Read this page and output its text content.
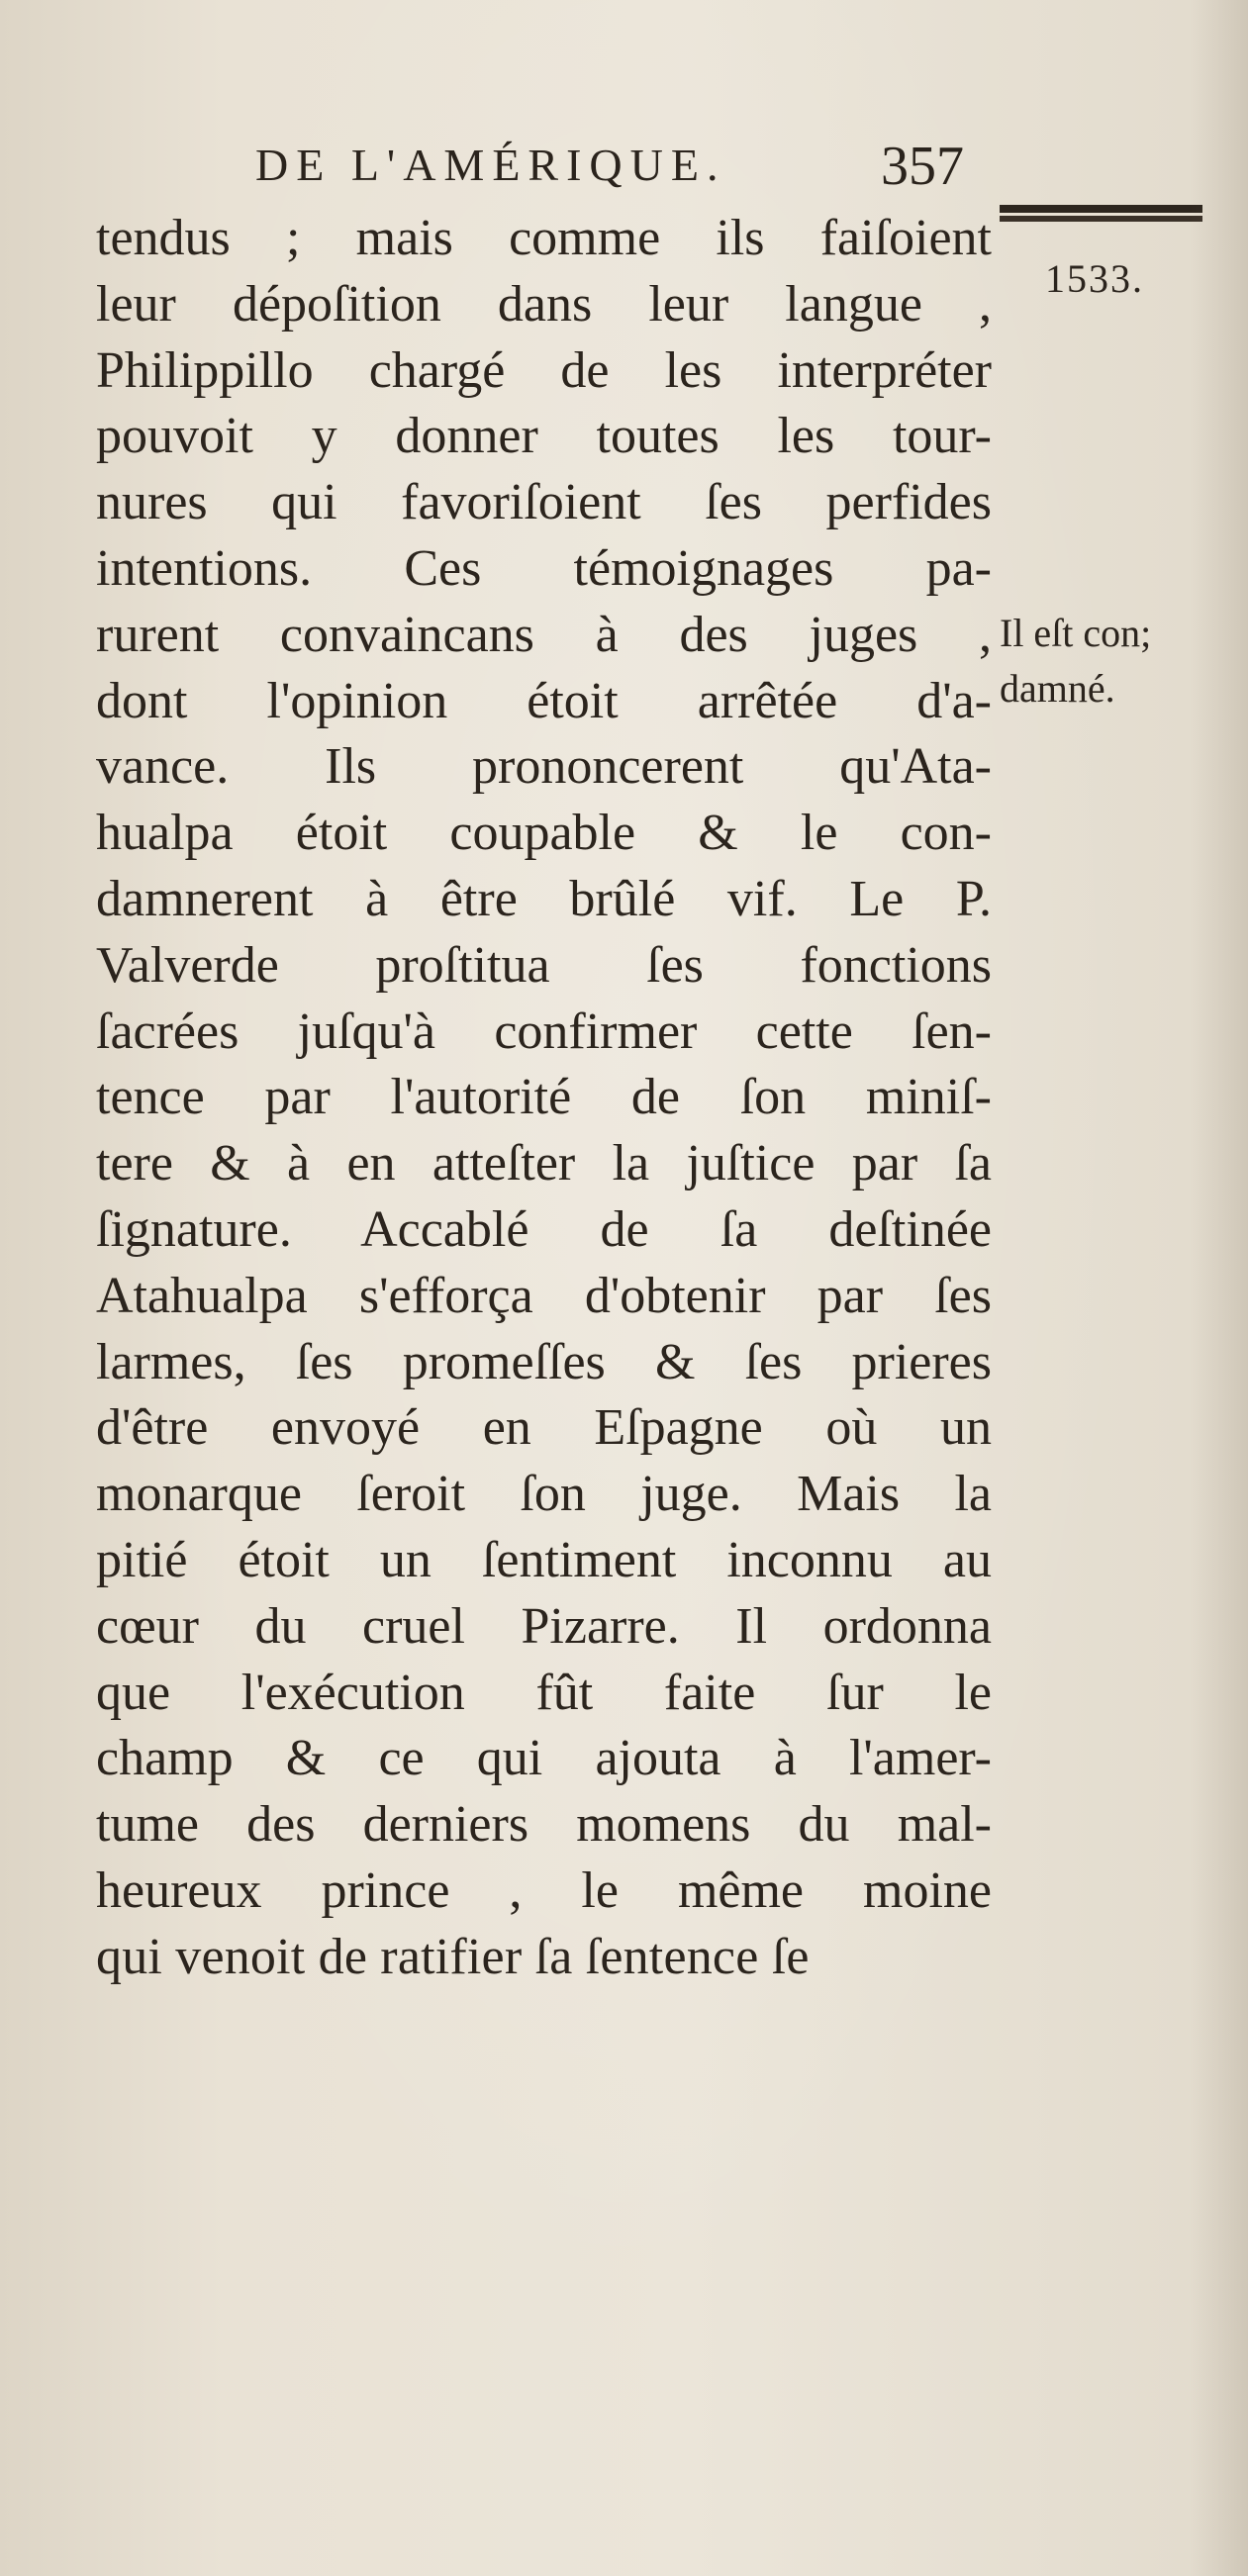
DE L'AMÉRIQUE.	357
1533.
Il eſt con;
damné.
tendus ; mais comme ils faiſoient
leur dépoſition dans leur langue ,
Philippillo chargé de les interpréter
pouvoit y donner toutes les tour-
nures qui favoriſoient ſes perfides
intentions. Ces témoignages pa-
rurent convaincans à des juges ,
dont l'opinion étoit arrêtée d'a-
vance. Ils prononcerent qu'Ata-
hualpa étoit coupable & le con-
damnerent à être brûlé vif. Le P.
Valverde proſtitua ſes fonctions
ſacrées juſqu'à confirmer cette ſen-
tence par l'autorité de ſon miniſ-
tere & à en atteſter la juſtice par ſa
ſignature. Accablé de ſa deſtinée
Atahualpa s'efforça d'obtenir par ſes
larmes, ſes promeſſes & ſes prieres
d'être envoyé en Eſpagne où un
monarque ſeroit ſon juge. Mais la
pitié étoit un ſentiment inconnu au
cœur du cruel Pizarre. Il ordonna
que l'exécution fût faite ſur le
champ & ce qui ajouta à l'amer-
tume des derniers momens du mal-
heureux prince , le même moine
qui venoit de ratifier ſa ſentence ſe
